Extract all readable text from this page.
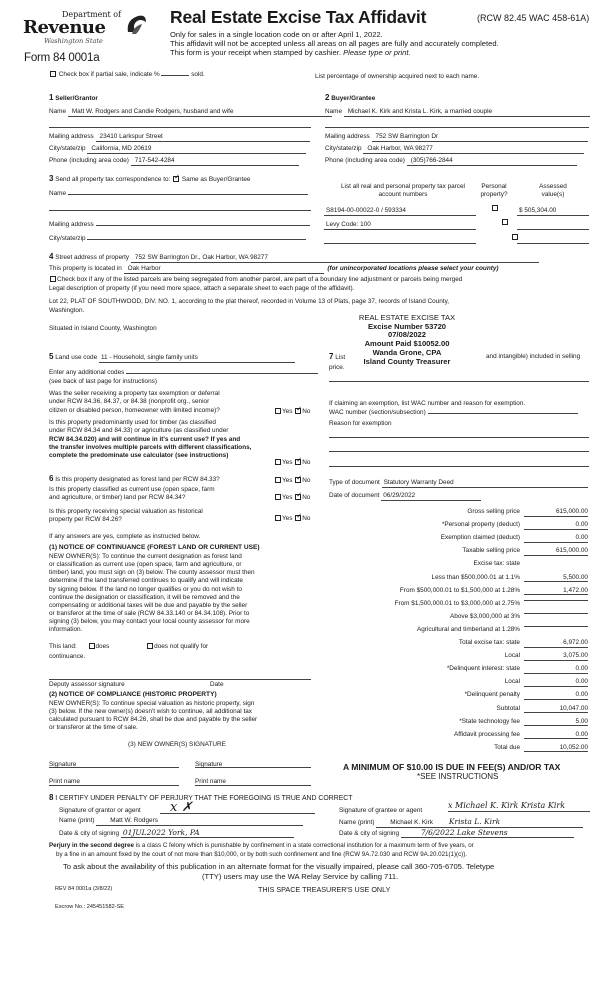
Department of
Revenue
Washington State
Form 84 0001a
Real Estate Excise Tax Affidavit	(RCW 82.45 WAC 458-61A)
Only for sales in a single location code on or after April 1, 2022.
This affidavit will not be accepted unless all areas on all pages are fully and accurately completed.
This form is your receipt when stamped by cashier. Please type or print.
Check box if partial sale, indicate %	sold.	List percentage of ownership acquired next to each name.
1 Seller/Grantor
Name Matt W. Rodgers and Candie Rodgers, husband and wife
Mailing address 23410 Larkspur Street
City/state/zip California, MD 20619
Phone (including area code) 717-542-4284
2 Buyer/Grantee
Name Michael K. Kirk and Krista L. Kirk, a married couple
Mailing address 752 SW Barrington Dr
City/state/zip Oak Harbor, WA 98277
Phone (including area code) (305)766-2844
3 Send all property tax correspondence to: ✓ Same as Buyer/Grantee
Name
Mailing address
City/state/zip
List all real and personal property tax parcel account numbers
Personal property?
Assessed value(s)
S8194-00-00022-0 / 593334
	$ 505,304.00
Levy Code: 100

4 Street address of property 752 SW Barrington Dr., Oak Harbor, WA 98277
This property is located in Oak Harbor	(for unincorporated locations please select your county)
Check box if any of the listed parcels are being segregated from another parcel, are part of a boundary line adjustment or parcels being merged
Legal description of property (if you need more space, attach a separate sheet to each page of the affidavit).
Lot 22, PLAT OF SOUTHWOOD, DIV. NO. 1, according to the plat thereof, recorded in Volume 13 of Plats, page 37, records of Island County,
Washington.
Situated in Island County, Washington
REAL ESTATE EXCISE TAX
Excise Number 53720
07/08/2022
Amount Paid $10052.00
Wanda Grone, CPA
Island County Treasurer
5 Land use code 11 - Household, single family units
Enter any additional codes
(see back of last page for instructions)
Was the seller receiving a property tax exemption or deferral
under RCW 84.36, 84.37, or 84.38 (nonprofit org., senior
citizen or disabled person, homeowner with limited income)?	Yes ✓ No
Is this property predominantly used for timber (as classified
under RCW 84.34 and 84.33) or agriculture (as classified under
RCW 84.34.020) and will continue in it's current use? If yes and
the transfer involves multiple parcels with different classifications,
complete the predominate use calculator (see instructions)
Yes ✓ No
7 List	and intangible) included in selling
price.
If claiming an exemption, list WAC number and reason for exemption.
WAC number (section/subsection)
Reason for exemption
6 Is this property designated as forest land per RCW 84.33?	Yes ✓ No
Is this property classified as current use (open space, farm
and agriculture, or timber) land per RCW 84.34?	Yes ✓ No
Is this property receiving special valuation as historical
property per RCW 84.26?	Yes ✓ No
If any answers are yes, complete as instructed below.
(1) NOTICE OF CONTINUANCE (FOREST LAND OR CURRENT USE)
NEW OWNER(S): To continue the current designation as forest land
or classification as current use (open space, farm and agriculture, or
timber) land, you must sign on (3) below. The county assessor must then
determine if the land transferred continues to qualify and will indicate
by signing below. If the land no longer qualifies or you do not wish to
continue the designation or classification, it will be removed and the
compensating or additional taxes will be due and payable by the seller
or transferor at the time of sale (RCW 84.33.140 or 84.34.108). Prior to
signing (3) below, you may contact your local county assessor for more
information.
This land:	does	does not qualify for
continuance.
Deputy assessor signature	Date
(2) NOTICE OF COMPLIANCE (HISTORIC PROPERTY)
NEW OWNER(S): To continue special valuation as historic property, sign
(3) below. If the new owner(s) doesn't wish to continue, all additional tax
calculated pursuant to RCW 84.26, shall be due and payable by the seller
or transferor at the time of sale.
(3) NEW OWNER(S) SIGNATURE
Signature	Signature
Print name	Print name
Type of document Statutory Warranty Deed
Date of document 06/29/2022
Gross selling price	615,000.00
*Personal property (deduct)	0.00
Exemption claimed (deduct)	0.00
Taxable selling price	615,000.00
Excise tax: state
Less than $500,000.01 at 1.1%	5,500.00
From $500,000.01 to $1,500,000 at 1.28%	1,472.00
From $1,500,000.01 to $3,000,000 at 2.75%
Above $3,000,000 at 3%
Agricultural and timberland at 1.28%
Total excise tax: state	6,972.00
Local	3,075.00
*Delinquent interest: state	0.00
Local	0.00
*Delinquent penalty	0.00
Subtotal	10,047.00
*State technology fee	5.00
Affidavit processing fee	0.00
Total due	10,052.00
A MINIMUM OF $10.00 IS DUE IN FEE(S) AND/OR TAX
*SEE INSTRUCTIONS
8 I CERTIFY UNDER PENALTY OF PERJURY THAT THE FOREGOING IS TRUE AND CORRECT
Signature of grantor or agent x ✗
Name (print) Matt W. Rodgers
Date & city of signing 01JUL2022 York, PA
Signature of grantee or agent
x Michael K. Kirk Krista Kirk
Name (print) Michael K. Kirk Krista L. Kirk
Date & city of signing	7/6/2022 Lake Stevens
Perjury in the second degree is a class C felony which is punishable by confinement in a state correctional institution for a maximum term of five years, or
by a fine in an amount fixed by the court of not more than $10,000, or by both such confinement and fine (RCW 9A.72.030 and RCW 9A.20.021(1)(c)).
To ask about the availability of this publication in an alternate format for the visually impaired, please call 360-705-6705. Teletype
(TTY) users may use the WA Relay Service by calling 711.
REV 84 0001a (3/8/22)	THIS SPACE TREASURER'S USE ONLY
Escrow No.: 245451582-SE
